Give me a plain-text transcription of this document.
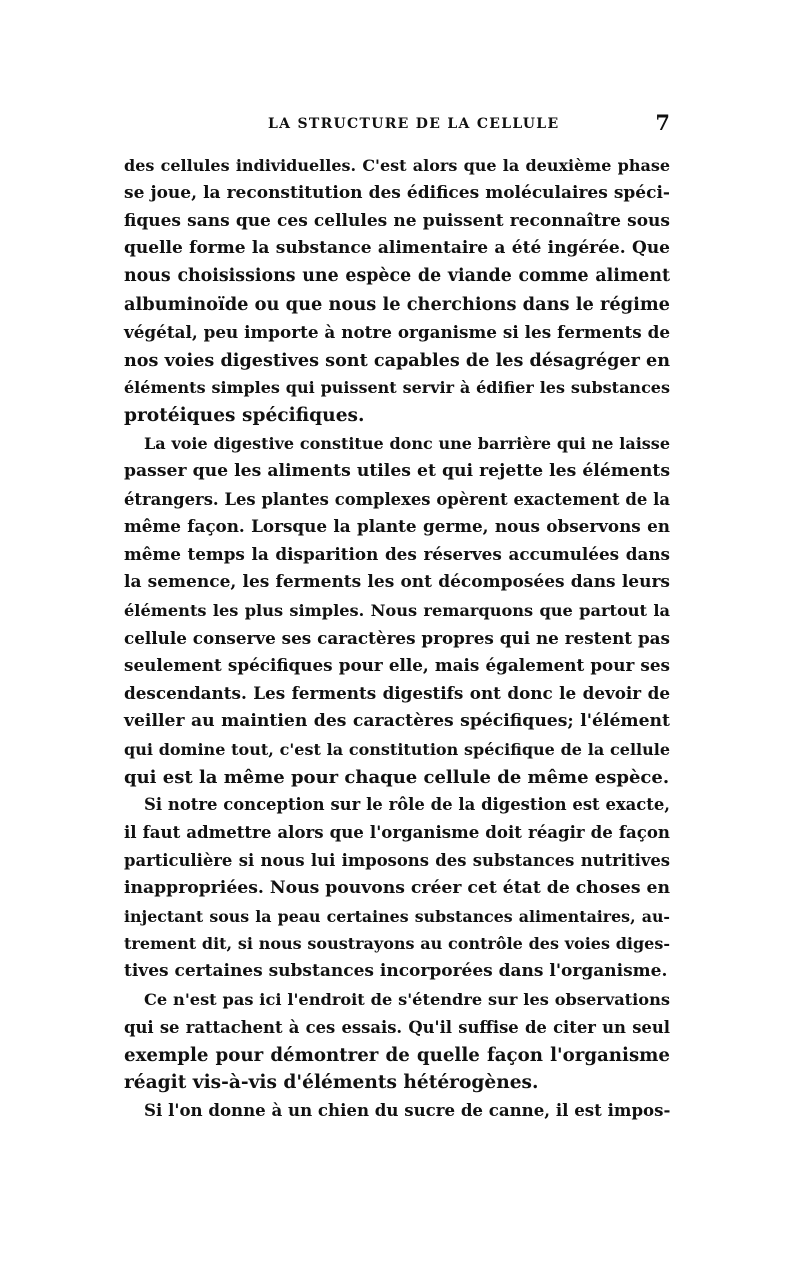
LA STRUCTURE DE LA CELLULE	7
des cellules individuelles. C'est alors que la deuxième phase
se joue, la reconstitution des édifices moléculaires spéci-
fiques sans que ces cellules ne puissent reconnaître sous
quelle forme la substance alimentaire a été ingérée. Que
nous choisissions une espèce de viande comme aliment
albuminoïde ou que nous le cherchions dans le régime
végétal, peu importe à notre organisme si les ferments de
nos voies digestives sont capables de les désagréger en
éléments simples qui puissent servir à édifier les substances
protéiques spécifiques.
La voie digestive constitue donc une barrière qui ne laisse
passer que les aliments utiles et qui rejette les éléments
étrangers. Les plantes complexes opèrent exactement de la
même façon. Lorsque la plante germe, nous observons en
même temps la disparition des réserves accumulées dans
la semence, les ferments les ont décomposées dans leurs
éléments les plus simples. Nous remarquons que partout la
cellule conserve ses caractères propres qui ne restent pas
seulement spécifiques pour elle, mais également pour ses
descendants. Les ferments digestifs ont donc le devoir de
veiller au maintien des caractères spécifiques; l'élément
qui domine tout, c'est la constitution spécifique de la cellule
qui est la même pour chaque cellule de même espèce.
Si notre conception sur le rôle de la digestion est exacte,
il faut admettre alors que l'organisme doit réagir de façon
particulière si nous lui imposons des substances nutritives
inappropriées. Nous pouvons créer cet état de choses en
injectant sous la peau certaines substances alimentaires, au-
trement dit, si nous soustrayons au contrôle des voies diges-
tives certaines substances incorporées dans l'organisme.
Ce n'est pas ici l'endroit de s'étendre sur les observations
qui se rattachent à ces essais. Qu'il suffise de citer un seul
exemple pour démontrer de quelle façon l'organisme
réagit vis-à-vis d'éléments hétérogènes.
Si l'on donne à un chien du sucre de canne, il est impos-
